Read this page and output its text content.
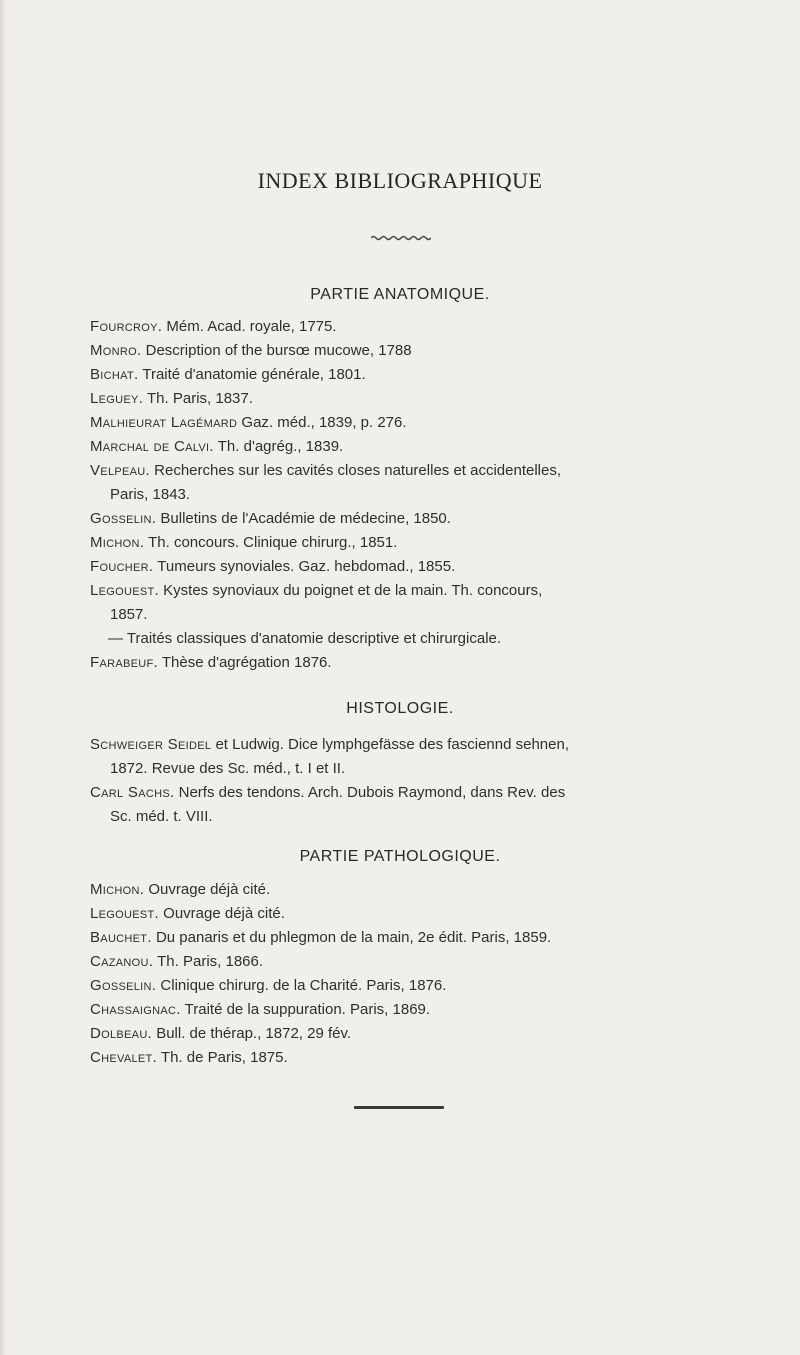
INDEX BIBLIOGRAPHIQUE
PARTIE ANATOMIQUE.
Fourcroy. Mém. Acad. royale, 1775.
Monro. Description of the bursœ mucowe, 1788
Bichat. Traité d'anatomie générale, 1801.
Leguey. Th. Paris, 1837.
Malhieurat Lagémard Gaz. méd., 1839, p. 276.
Marchal de Calvi. Th. d'agrég., 1839.
Velpeau. Recherches sur les cavités closes naturelles et accidentelles,
Paris, 1843.
Gosselin. Bulletins de l'Académie de médecine, 1850.
Michon. Th. concours. Clinique chirurg., 1851.
Foucher. Tumeurs synoviales. Gaz. hebdomad., 1855.
Legouest. Kystes synoviaux du poignet et de la main. Th. concours,
1857.
— Traités classiques d'anatomie descriptive et chirurgicale.
Farabeuf. Thèse d'agrégation 1876.
HISTOLOGIE.
Schweiger Seidel et Ludwig. Dice lymphgefässe des fasciennd sehnen,
1872. Revue des Sc. méd., t. I et II.
Carl Sachs. Nerfs des tendons. Arch. Dubois Raymond, dans Rev. des
Sc. méd. t. VIII.
PARTIE PATHOLOGIQUE.
Michon. Ouvrage déjà cité.
Legouest. Ouvrage déjà cité.
Bauchet. Du panaris et du phlegmon de la main, 2e édit. Paris, 1859.
Cazanou. Th. Paris, 1866.
Gosselin. Clinique chirurg. de la Charité. Paris, 1876.
Chassaignac. Traité de la suppuration. Paris, 1869.
Dolbeau. Bull. de thérap., 1872, 29 fév.
Chevalet. Th. de Paris, 1875.
